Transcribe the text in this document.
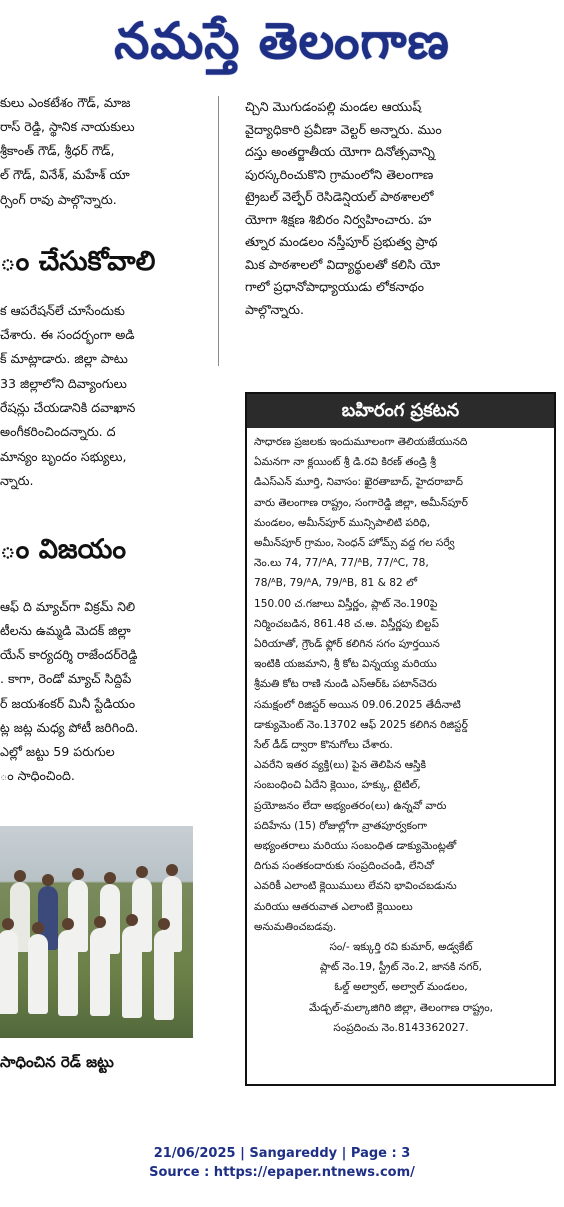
నమస్తే తెలంగాణ
కులు ఎంకటేశం గౌడ్, మాజ
రాస్ రెడ్డి, స్థానిక నాయకులు
శ్రీకాంత్ గౌడ్, శ్రీధర్ గౌడ్,
ల్ గౌడ్, వినేశ్, మహేశ్ యా
ర్సింగ్ రావు పాల్గొన్నారు.
ం చేసుకోవాలి
క ఆపరేషన్‌లే చూసేందుకు
చేశారు. ఈ సందర్భంగా అడి
క్ మాట్లాడారు. జిల్లా పాటు
33 జిల్లాలోని దివ్యాంగులు
రేషన్లు చేయడానికి దవాఖాన
అంగీకరించిందన్నారు. ద
మాన్యం బృందం సభ్యులు,
న్నారు.
ం విజయం
ఆఫ్ ది మ్యాచ్‌గా విక్రమ్ నిలి
టీలను ఉమ్మడి మెదక్ జిల్లా
యేన్ కార్యదర్శి రాజేందర్‌రెడ్డి
. కాగా, రెండో మ్యాచ్ సిద్దిపే
ర్ జయశంకర్ మినీ స్టేడియం
ట్ల జట్ల మధ్య పోటీ జరిగింది.
ఎల్లో జట్టు 59 పరుగుల
ం సాధించింది.
సాధించిన రెడ్ జట్టు

చ్చిని మొగుడంపల్లి మండల ఆయుష్

వైద్యాధికారి ప్రవీణా వెల్టర్ అన్నారు. ముం

దస్తు అంతర్జాతీయ యోగా దినోత్సవాన్ని

పురస్కరించుకొని గ్రామంలోని తెలంగాణ

ట్రైబల్ వెల్ఫేర్ రెసిడెన్షియల్ పాఠశాలలో

యోగా శిక్షణ శిబిరం నిర్వహించారు. హ

త్నూర మండలం నస్తీపూర్ ప్రభుత్వ ప్రాథ

మిక పాఠశాలలో విద్యార్థులతో కలిసి యో

గాలో ప్రధానోపాధ్యాయుడు లోకనాథం

పాల్గొన్నారు.

బహిరంగ ప్రకటన

సాధారణ ప్రజలకు ఇందుమూలంగా తెలియజేయునది

ఏమనగా నా క్లయింట్ శ్రీ డి.రవి కిరణ్ తండ్రి శ్రీ

డిఎస్ఎన్ మూర్తి, నివాసం: ఖైరతాబాద్, హైదరాబాద్

వారు తెలంగాణ రాష్ట్రం, సంగారెడ్డి జిల్లా, అమీన్‌పూర్

మండలం, అమీన్‌పూర్ మున్సిపాలిటి పరిధి,

అమీన్‌పూర్ గ్రామం, సెంధన్ హోమ్స్ వద్ద గల సర్వే

నెం.లు 74, 77/ᴬA, 77/ᴬB, 77/ᴬC, 78,

78/ᴬB, 79/ᴬA, 79/ᴬB, 81 & 82 లో

150.00 చ.గజాలు విస్తీర్ణం, ప్లాట్ నెం.190పై

నిర్మించబడిన, 861.48 చ.అ. విస్తీర్ణపు బిల్టప్

ఏరియాతో, గ్రౌండ్ ఫ్లోర్ కలిగిన సగం పూర్తయిన

ఇంటికి యజమాని, శ్రీ కోట విన్నయ్య మరియు

శ్రీమతి కోట రాణి నుండి ఎస్ఆర్ఓ పటాన్‌చెరు

సమక్షంలో రిజిస్టర్ అయిన 09.06.2025 తేదీనాటి

డాక్యుమెంట్ నెం.13702 ఆఫ్ 2025 కలిగిన రిజిస్టర్డ్

సేల్ డీడ్ ద్వారా కొనుగోలు చేశారు.

ఎవరేని ఇతర వ్యక్తి(లు) పైన తెలిపిన ఆస్తికి

సంబంధించి ఏదేని క్లెయిం, హక్కు, టైటిల్,

ప్రయోజనం లేదా అభ్యంతరం(లు) ఉన్నవో వారు

పదిహేను (15) రోజుల్లోగా వ్రాతపూర్వకంగా

అభ్యంతరాలు మరియు సంబంధిత డాక్యుమెంట్లతో

దిగువ సంతకందారుకు సంప్రదించండి, లేనిచో

ఎవరికీ ఎలాంటి క్లెయిములు లేవని భావించబడును

మరియు ఆతరువాత ఎలాంటి క్లెయింలు

అనుమతించబడవు.

సం/- ఇక్కుర్తి రవి కుమార్, అడ్వకేట్

ప్లాట్ నెం.19, స్ట్రీట్ నెం.2, జానకి నగర్,

ఓల్డ్ అల్వాల్, అల్వాల్ మండలం,

మేడ్చల్-మల్కాజిగిరి జిల్లా, తెలంగాణ రాష్ట్రం,

సంప్రదించు నెం.8143362027.

21/06/2025 | Sangareddy | Page : 3
Source : https://epaper.ntnews.com/
